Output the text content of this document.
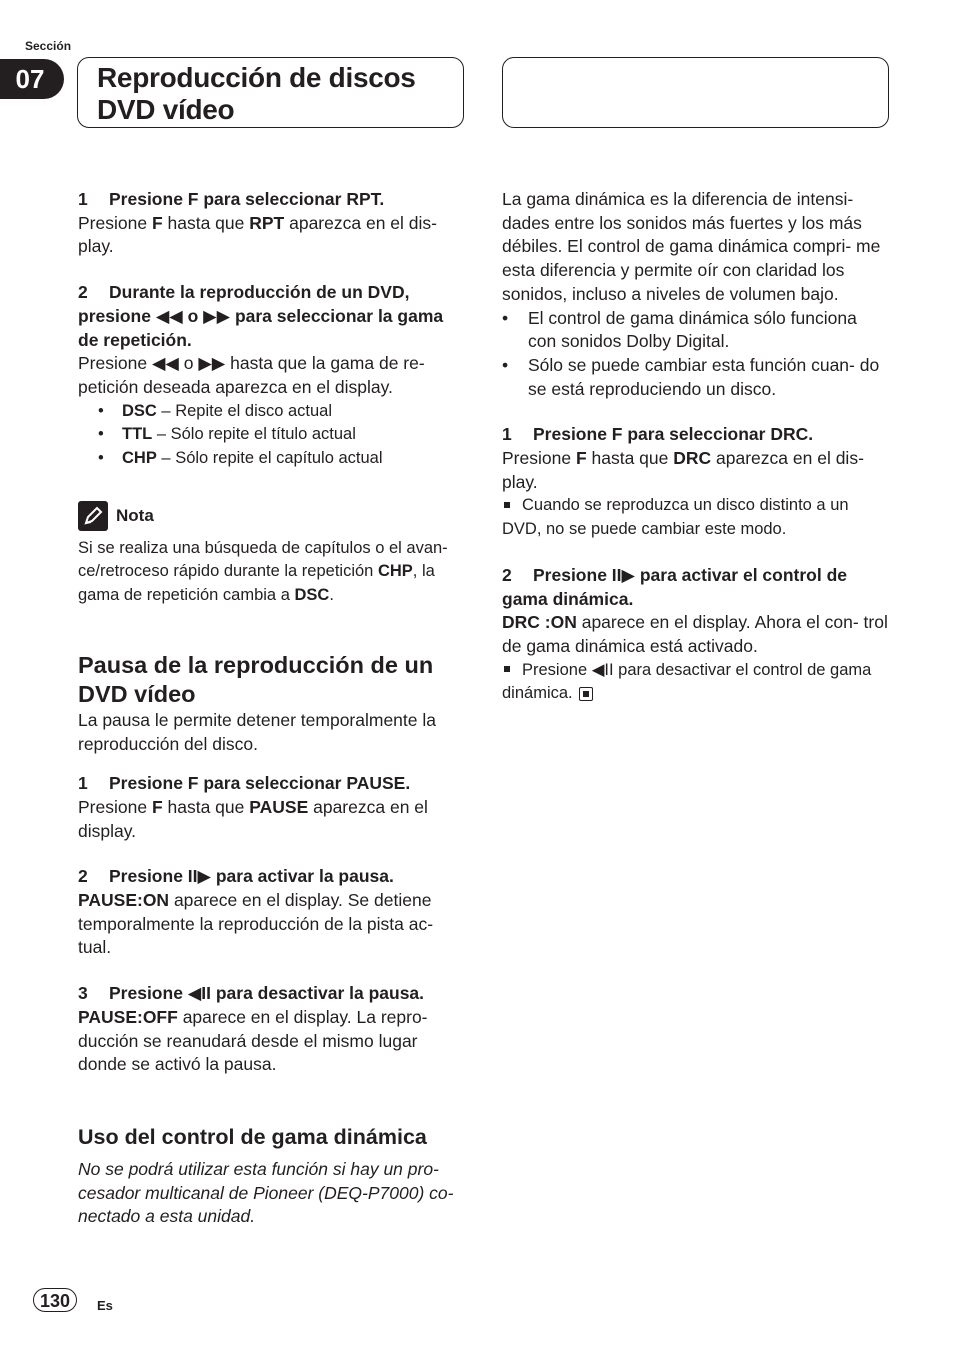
Sección
07	Reproducción de discos
DVD vídeo

1 Presione F para seleccionar RPT.

Presione F hasta que RPT aparezca en el dis- play.

2 Durante la reproducción de un DVD, presione ◀◀ o ▶▶ para seleccionar la gama de repetición.

Presione ◀◀ o ▶▶ hasta que la gama de re- petición deseada aparezca en el display.

• DSC – Repite el disco actual
• TTL – Sólo repite el título actual
• CHP – Sólo repite el capítulo actual
Nota

Si se realiza una búsqueda de capítulos o el avan- ce/retroceso rápido durante la repetición CHP, la gama de repetición cambia a DSC.

Pausa de la reproducción de un DVD vídeo

La pausa le permite detener temporalmente la reproducción del disco.

1 Presione F para seleccionar PAUSE.

Presione F hasta que PAUSE aparezca en el display.

2 Presione II▶ para activar la pausa.

PAUSE:ON aparece en el display. Se detiene temporalmente la reproducción de la pista ac- tual.

3 Presione ◀II para desactivar la pausa.

PAUSE:OFF aparece en el display. La repro- ducción se reanudará desde el mismo lugar donde se activó la pausa.

Uso del control de gama dinámica

No se podrá utilizar esta función si hay un pro- cesador multicanal de Pioneer (DEQ-P7000) co- nectado a esta unidad.

La gama dinámica es la diferencia de intensi- dades entre los sonidos más fuertes y los más débiles. El control de gama dinámica compri- me esta diferencia y permite oír con claridad los sonidos, incluso a niveles de volumen bajo.

• El control de gama dinámica sólo funciona con sonidos Dolby Digital.
• Sólo se puede cambiar esta función cuan- do se está reproduciendo un disco.

1 Presione F para seleccionar DRC.

Presione F hasta que DRC aparezca en el dis- play.

Cuando se reproduzca un disco distinto a un DVD, no se puede cambiar este modo.

2 Presione II▶ para activar el control de gama dinámica.

DRC :ON aparece en el display. Ahora el con- trol de gama dinámica está activado.

Presione ◀II para desactivar el control de gama dinámica.

130	Es
